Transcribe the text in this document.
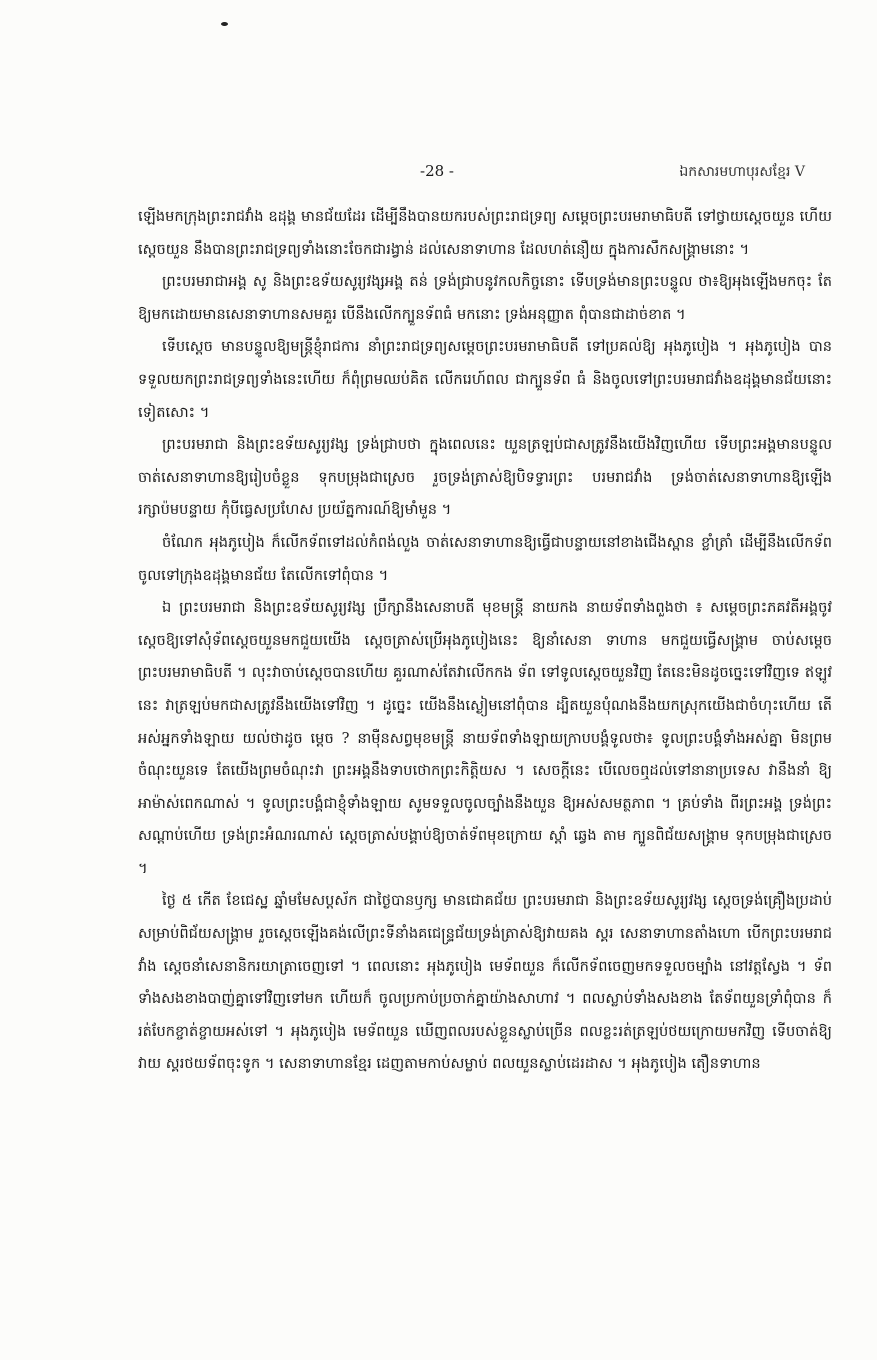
-28 -	ឯកសារមហាបុរសខ្មែរ V

ឡើងមកក្រុងព្រះរាជវាំង ឧដុង្គ មានជ័យដែរ ដើម្បីនឹងបានយករបស់ព្រះរាជទ្រព្យ សម្តេចព្រះបរមរាមាធិបតី ទៅថ្វាយស្តេចយួន ហើយស្តេចយួន នឹងបានព្រះរាជទ្រព្យទាំងនោះចែកជារង្វាន់ ដល់សេនាទាហាន ដែលហត់នឿយ ក្នុងការសឹកសង្គ្រាមនោះ ។

ព្រះបរមរាជាអង្គ សូ និងព្រះឧទ័យសូរ្យវង្សអង្គ តន់ ទ្រង់ជ្រាបនូវកលកិច្ចនោះ ទើបទ្រង់មានព្រះបន្ទូល ថា៖ឱ្យអុងឡើងមកចុះ តែឱ្យមកដោយមានសេនាទាហានសមគួរ បើនឹងលើកក្បួនទ័ពធំ មកនោះ ទ្រង់អនុញ្ញាត ពុំបានជាដាច់ខាត ។

ទើបស្តេច មានបន្ទូលឱ្យមន្ត្រីខ្ញុំរាជការ នាំព្រះរាជទ្រព្យសម្តេចព្រះបរមរាមាធិបតី ទៅប្រគល់ឱ្យ អុងភូបៀង ។ អុងភូបៀង បានទទួលយកព្រះរាជទ្រព្យទាំងនេះហើយ ក៏ពុំព្រមឈប់គិត លើករេហ៍ពល ជាក្បួនទ័ព ធំ និងចូលទៅព្រះបរមរាជវាំងឧដុង្គមានជ័យនោះទៀតសោះ ។

ព្រះបរមរាជា និងព្រះឧទ័យសូរ្យវង្ស ទ្រង់ជ្រាបថា ក្នុងពេលនេះ យួនត្រឡប់ជាសត្រូវនឹងយើងវិញហើយ ទើបព្រះអង្គមានបន្ទូលចាត់សេនាទាហានឱ្យរៀបចំខ្លួន ទុកបម្រុងជាស្រេច រួចទ្រង់ត្រាស់ឱ្យបិទទ្វារព្រះ បរមរាជវាំង ទ្រង់ចាត់សេនាទាហានឱ្យឡើង រក្សាប៉មបន្ទាយ កុំបីធ្វេសប្រហែស ប្រយ័ត្នការណ៍ឱ្យមាំមួន ។

ចំណែក អុងភូបៀង ក៏លើកទ័ពទៅដល់កំពង់លួង ចាត់សេនាទាហានឱ្យធ្វើជាបន្ទាយនៅខាងជើងស្ពាន ខ្លាំត្រាំ ដើម្បីនឹងលើកទ័ពចូលទៅក្រុងឧដុង្គមានជ័យ តែលើកទៅពុំបាន ។

ឯ ព្រះបរមរាជា និងព្រះឧទ័យសូរ្យវង្ស ប្រឹក្សានឹងសេនាបតី មុខមន្ត្រី នាយកង នាយទ័ពទាំងពួងថា ៖ សម្តេចព្រះភគវតីអង្គចូវ ស្តេចឱ្យទៅសុំទ័ពស្តេចយួនមកជួយយើង ស្តេចត្រាស់ប្រើអុងភូបៀងនេះ ឱ្យនាំសេនា ទាហាន មកជួយធ្វើសង្គ្រាម ចាប់សម្តេចព្រះបរមរាមាធិបតី ។ លុះវាចាប់ស្តេចបានហើយ គួរណាស់តែវាលើកកង ទ័ព ទៅទូលស្តេចយួនវិញ តែនេះមិនដូចច្នេះទៅវិញទេ ឥឡូវនេះ វាត្រឡប់មកជាសត្រូវនឹងយើងទៅវិញ ។ ដូច្នេះ យើងនឹងស្ងៀមនៅពុំបាន ដ្បិតយួនប៉ំណងនឹងយកស្រុកយើងជាចំហុះហើយ តើអស់អ្នកទាំងឡាយ យល់ថាដូច ម្តេច ? នាម៉ឺនសព្វមុខមន្ត្រី នាយទ័ពទាំងឡាយក្រាបបង្គំទូលថា៖ ទូលព្រះបង្គំទាំងអស់គ្នា មិនព្រមចំណុះយួនទេ តែយើងព្រមចំណុះវា ព្រះអង្គនឹងទាបថោកព្រះកិត្តិយស ។ សេចក្តីនេះ បើលេចឮដល់ទៅនានាប្រទេស វានឹងនាំ ឱ្យអាម៉ាស់ពេកណាស់ ។ ទូលព្រះបង្គំជាខ្ញុំទាំងឡាយ សូមទទួលចូលច្បាំងនឹងយួន ឱ្យអស់សមត្ថភាព ។ គ្រប់ទាំង ពីរព្រះអង្គ ទ្រង់ព្រះសណ្តាប់ហើយ ទ្រង់ព្រះអំណរណាស់ ស្តេចត្រាស់បង្គាប់ឱ្យចាត់ទ័ពមុខក្រោយ ស្តាំ ឆ្វេង តាម ក្បួនពិជ័យសង្គ្រាម ទុកបម្រុងជាស្រេច ។

ថ្ងៃ ៥ កើត ខែជេស្ឋ ឆ្នាំមមែសប្តស័ក ជាថ្ងៃបានឫក្ស មានជោគជ័យ ព្រះបរមរាជា និងព្រះឧទ័យសូរ្យវង្ស ស្តេចទ្រង់គ្រឿងប្រដាប់ សម្រាប់ពិជ័យសង្គ្រាម រួចស្តេចឡើងគង់លើព្រះទីនាំងគជេន្ទ្រជ័យទ្រង់ត្រាស់ឱ្យវាយគង ស្គរ សេនាទាហានតាំងហោ បើកព្រះបរមរាជវាំង ស្តេចនាំសេនានិករយាត្រាចេញទៅ ។ ពេលនោះ អុងភូបៀង មេទ័ពយួន ក៏លើកទ័ពចេញមកទទួលចម្បាំង នៅវត្តស្វែង ។ ទ័ពទាំងសងខាងបាញ់គ្នាទៅវិញទៅមក ហើយក៏ ចូលប្រកាប់ប្រចាក់គ្នាយ៉ាងសាហាវ ។ ពលស្លាប់ទាំងសងខាង តែទ័ពយួនទ្រាំពុំបាន ក៏រត់បែកខ្ចាត់ខ្ចាយអស់ទៅ ។ អុងភូបៀង មេទ័ពយួន ឃើញពលរបស់ខ្លួនស្លាប់ច្រើន ពលខ្លះរត់ត្រឡប់ថយក្រោយមកវិញ ទើបចាត់ឱ្យវាយ ស្គរថយទ័ពចុះទូក ។ សេនាទាហានខ្មែរ ដេញតាមកាប់សម្លាប់ ពលយួនស្លាប់ដេរដាស ។ អុងភូបៀង តឿនទាហាន
